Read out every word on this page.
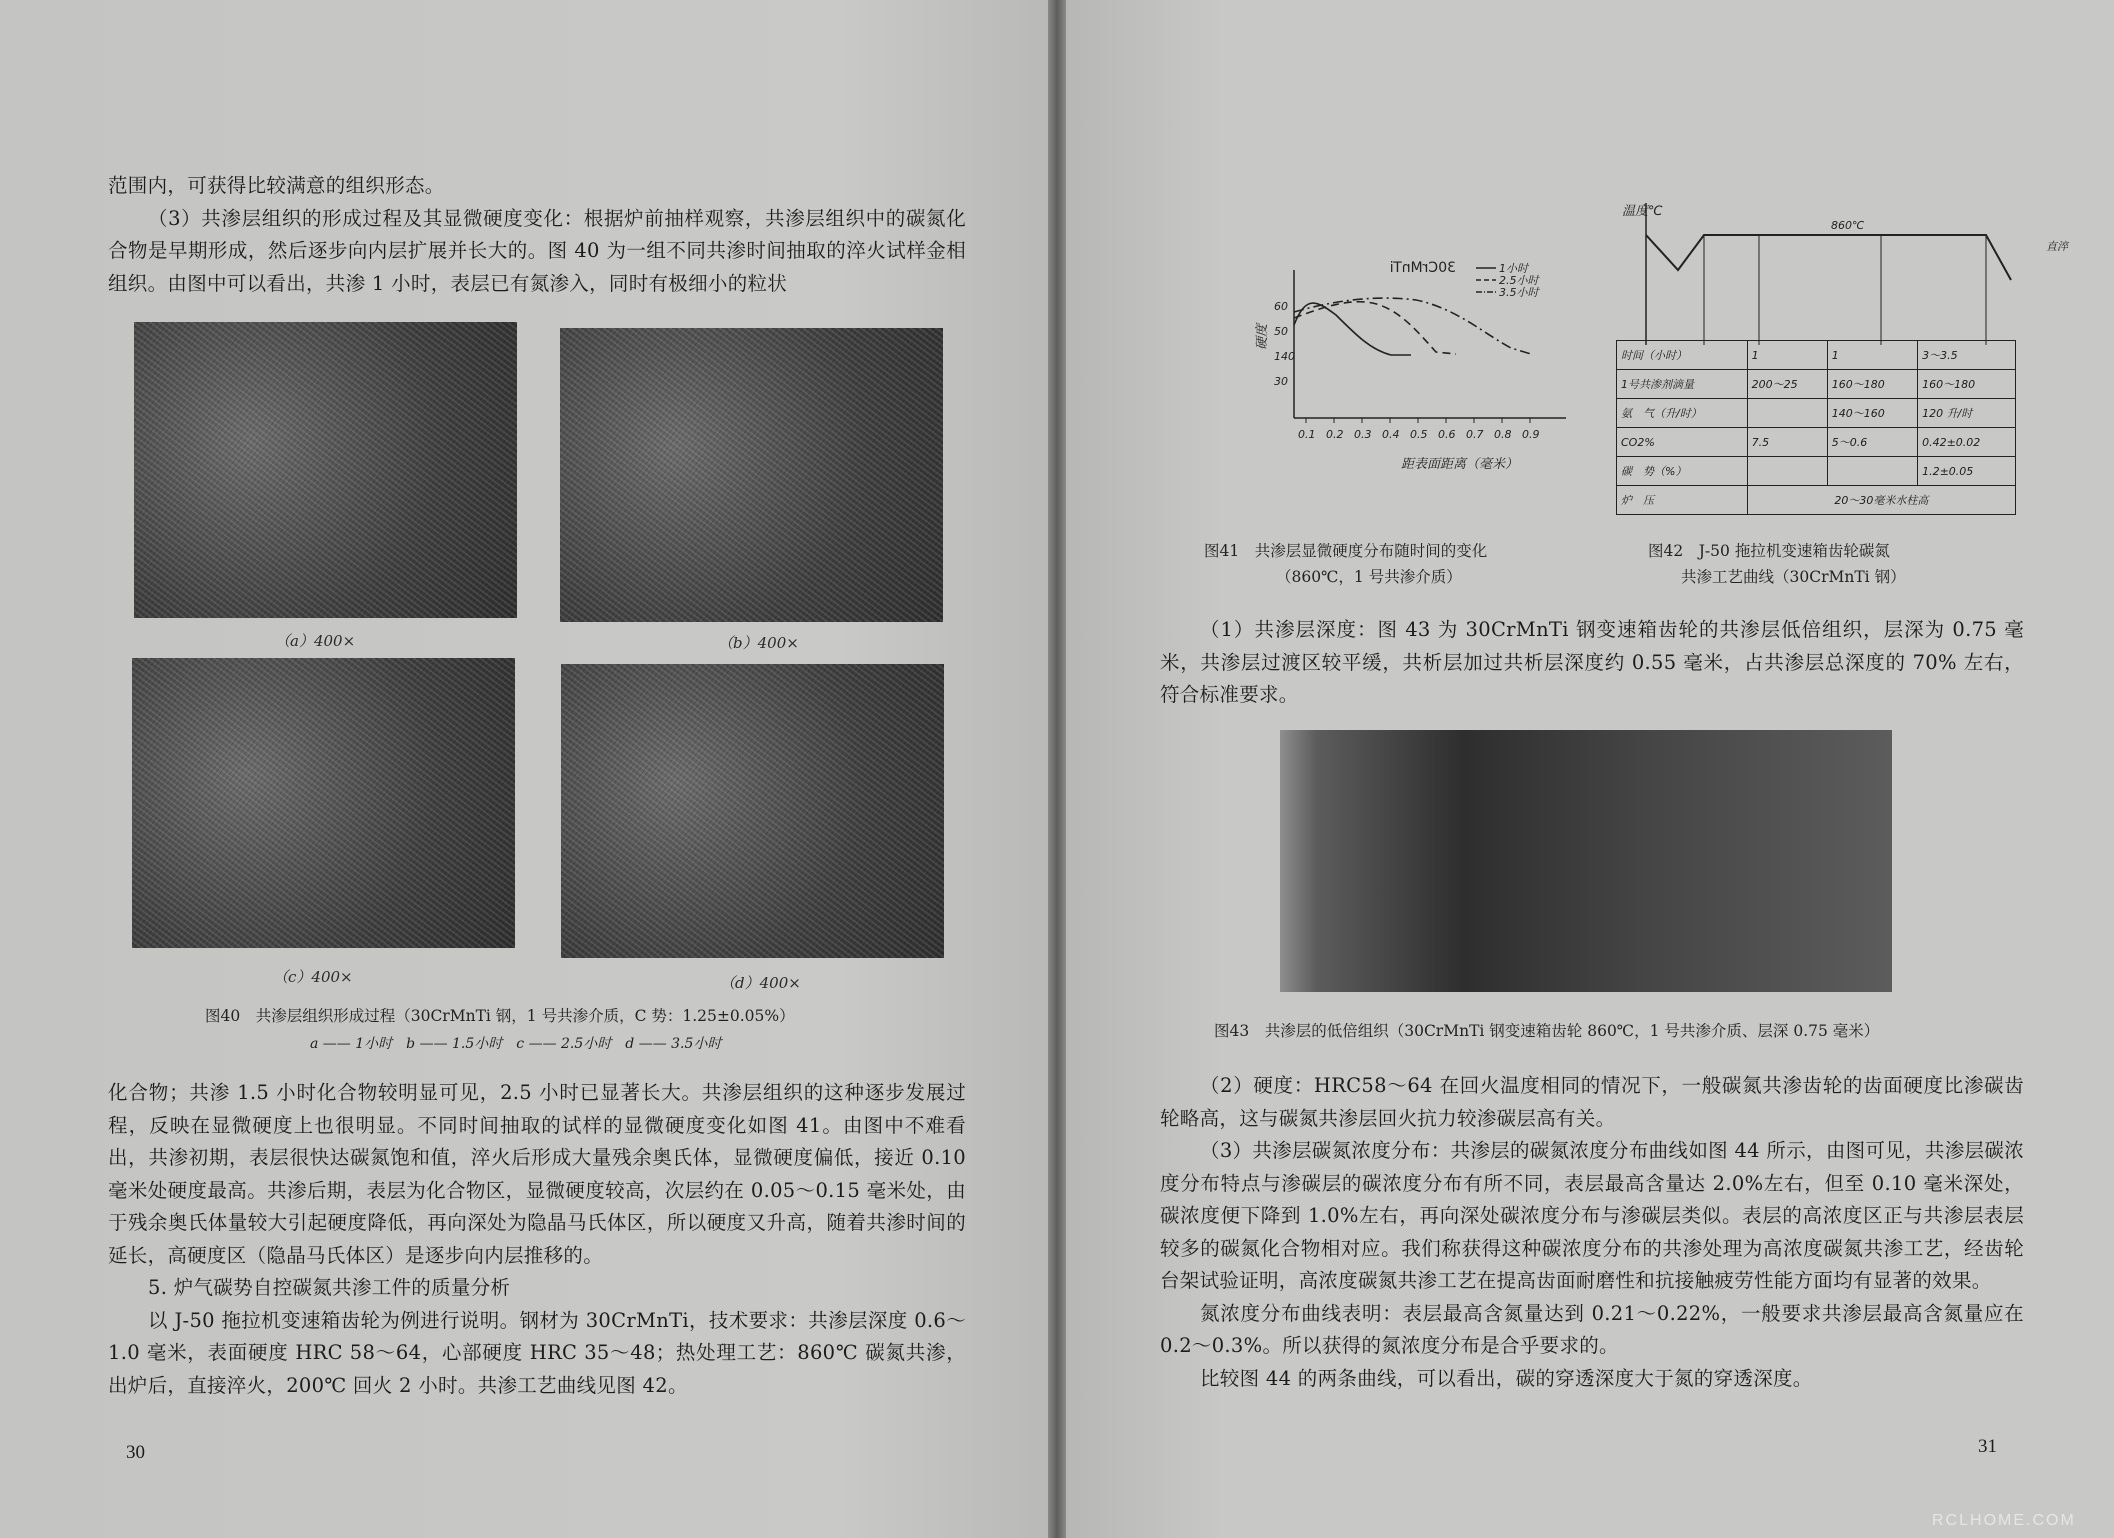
范围内，可获得比较满意的组织形态。

（3）共渗层组织的形成过程及其显微硬度变化：根据炉前抽样观察，共渗层组织中的碳氮化合物是早期形成，然后逐步向内层扩展并长大的。图 40 为一组不同共渗时间抽取的淬火试样金相组织。由图中可以看出，共渗 1 小时，表层已有氮渗入，同时有极细小的粒状

（a）400×	（b）400×
（c）400×	（d）400×
图40　共渗层组织形成过程（30CrMnTi 钢，1 号共渗介质，C 势：1.25±0.05%）
a —— 1小时　b —— 1.5小时　c —— 2.5小时　d —— 3.5小时

化合物；共渗 1.5 小时化合物较明显可见，2.5 小时已显著长大。共渗层组织的这种逐步发展过程，反映在显微硬度上也很明显。不同时间抽取的试样的显微硬度变化如图 41。由图中不难看出，共渗初期，表层很快达碳氮饱和值，淬火后形成大量残余奥氏体，显微硬度偏低，接近 0.10 毫米处硬度最高。共渗后期，表层为化合物区，显微硬度较高，次层约在 0.05～0.15 毫米处，由于残余奥氏体量较大引起硬度降低，再向深处为隐晶马氏体区，所以硬度又升高，随着共渗时间的延长，高硬度区（隐晶马氏体区）是逐步向内层推移的。

5. 炉气碳势自控碳氮共渗工件的质量分析

以 J-50 拖拉机变速箱齿轮为例进行说明。钢材为 30CrMnTi，技术要求：共渗层深度 0.6～1.0 毫米，表面硬度 HRC 58～64，心部硬度 HRC 35～48；热处理工艺：860℃ 碳氮共渗，出炉后，直接淬火，200℃ 回火 2 小时。共渗工艺曲线见图 42。

30
30CrMnTi
60
50
140
30
0.1 0.2 0.3 0.4 0.5 0.6 0.7 0.8 0.9
硬度
距表面距离（毫米）
1小时
2.5小时
3.5小时
图41　共渗层显微硬度分布随时间的变化
（860℃，1 号共渗介质）
温度℃
860℃
直淬
时间（小时）	1	1	3～3.5
1号共渗剂滴量	200～25	160～180	160～180
氨　气（升/时）		140～160	120 升/时
CO2%	7.5	5～0.6	0.42±0.02
碳　势（%）			1.2±0.05
炉　压	20～30毫米水柱高		
图42　J-50 拖拉机变速箱齿轮碳氮
共渗工艺曲线（30CrMnTi 钢）

（1）共渗层深度：图 43 为 30CrMnTi 钢变速箱齿轮的共渗层低倍组织，层深为 0.75 毫米，共渗层过渡区较平缓，共析层加过共析层深度约 0.55 毫米，占共渗层总深度的 70% 左右，符合标准要求。

图43　共渗层的低倍组织（30CrMnTi 钢变速箱齿轮 860℃，1 号共渗介质、层深 0.75 毫米）

（2）硬度：HRC58～64 在回火温度相同的情况下，一般碳氮共渗齿轮的齿面硬度比渗碳齿轮略高，这与碳氮共渗层回火抗力较渗碳层高有关。

（3）共渗层碳氮浓度分布：共渗层的碳氮浓度分布曲线如图 44 所示，由图可见，共渗层碳浓度分布特点与渗碳层的碳浓度分布有所不同，表层最高含量达 2.0%左右，但至 0.10 毫米深处，碳浓度便下降到 1.0%左右，再向深处碳浓度分布与渗碳层类似。表层的高浓度区正与共渗层表层较多的碳氮化合物相对应。我们称获得这种碳浓度分布的共渗处理为高浓度碳氮共渗工艺，经齿轮台架试验证明，高浓度碳氮共渗工艺在提高齿面耐磨性和抗接触疲劳性能方面均有显著的效果。

氮浓度分布曲线表明：表层最高含氮量达到 0.21～0.22%，一般要求共渗层最高含氮量应在 0.2～0.3%。所以获得的氮浓度分布是合乎要求的。

比较图 44 的两条曲线，可以看出，碳的穿透深度大于氮的穿透深度。

31
RCLHOME.COM
